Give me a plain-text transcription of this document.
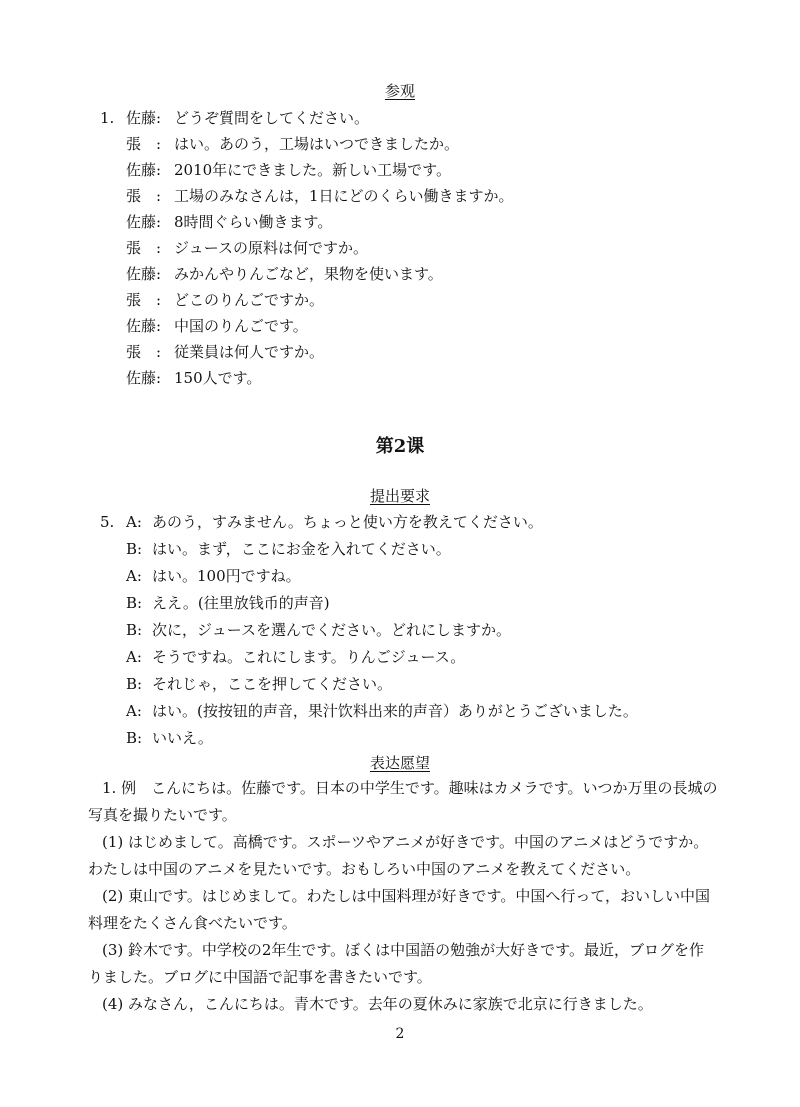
参观
1. 佐藤: どうぞ質問をしてください。
張　: はい。あのう，工場はいつできましたか。
佐藤: 2010年にできました。新しい工場です。
張　: 工場のみなさんは，1日にどのくらい働きますか。
佐藤: 8時間ぐらい働きます。
張　: ジュースの原料は何ですか。
佐藤: みかんやりんごなど，果物を使います。
張　: どこのりんごですか。
佐藤: 中国のりんごです。
張　: 従業員は何人ですか。
佐藤: 150人です。
第2课
提出要求
5. A: あのう，すみません。ちょっと使い方を教えてください。
B: はい。まず，ここにお金を入れてください。
A: はい。100円ですね。
B: ええ。(往里放钱币的声音)
B: 次に，ジュースを選んでください。どれにしますか。
A: そうですね。これにします。りんごジュース。
B: それじゃ，ここを押してください。
A: はい。(按按钮的声音，果汁饮料出来的声音）ありがとうございました。
B: いいえ。
表达愿望
1. 例　こんにちは。佐藤です。日本の中学生です。趣味はカメラです。いつか万里の長城の写真を撮りたいです。
(1) はじめまして。高橋です。スポーツやアニメが好きです。中国のアニメはどうですか。わたしは中国のアニメを見たいです。おもしろい中国のアニメを教えてください。
(2) 東山です。はじめまして。わたしは中国料理が好きです。中国へ行って，おいしい中国料理をたくさん食べたいです。
(3) 鈴木です。中学校の2年生です。ぼくは中国語の勉強が大好きです。最近，ブログを作りました。ブログに中国語で記事を書きたいです。
(4) みなさん，こんにちは。青木です。去年の夏休みに家族で北京に行きました。
2
